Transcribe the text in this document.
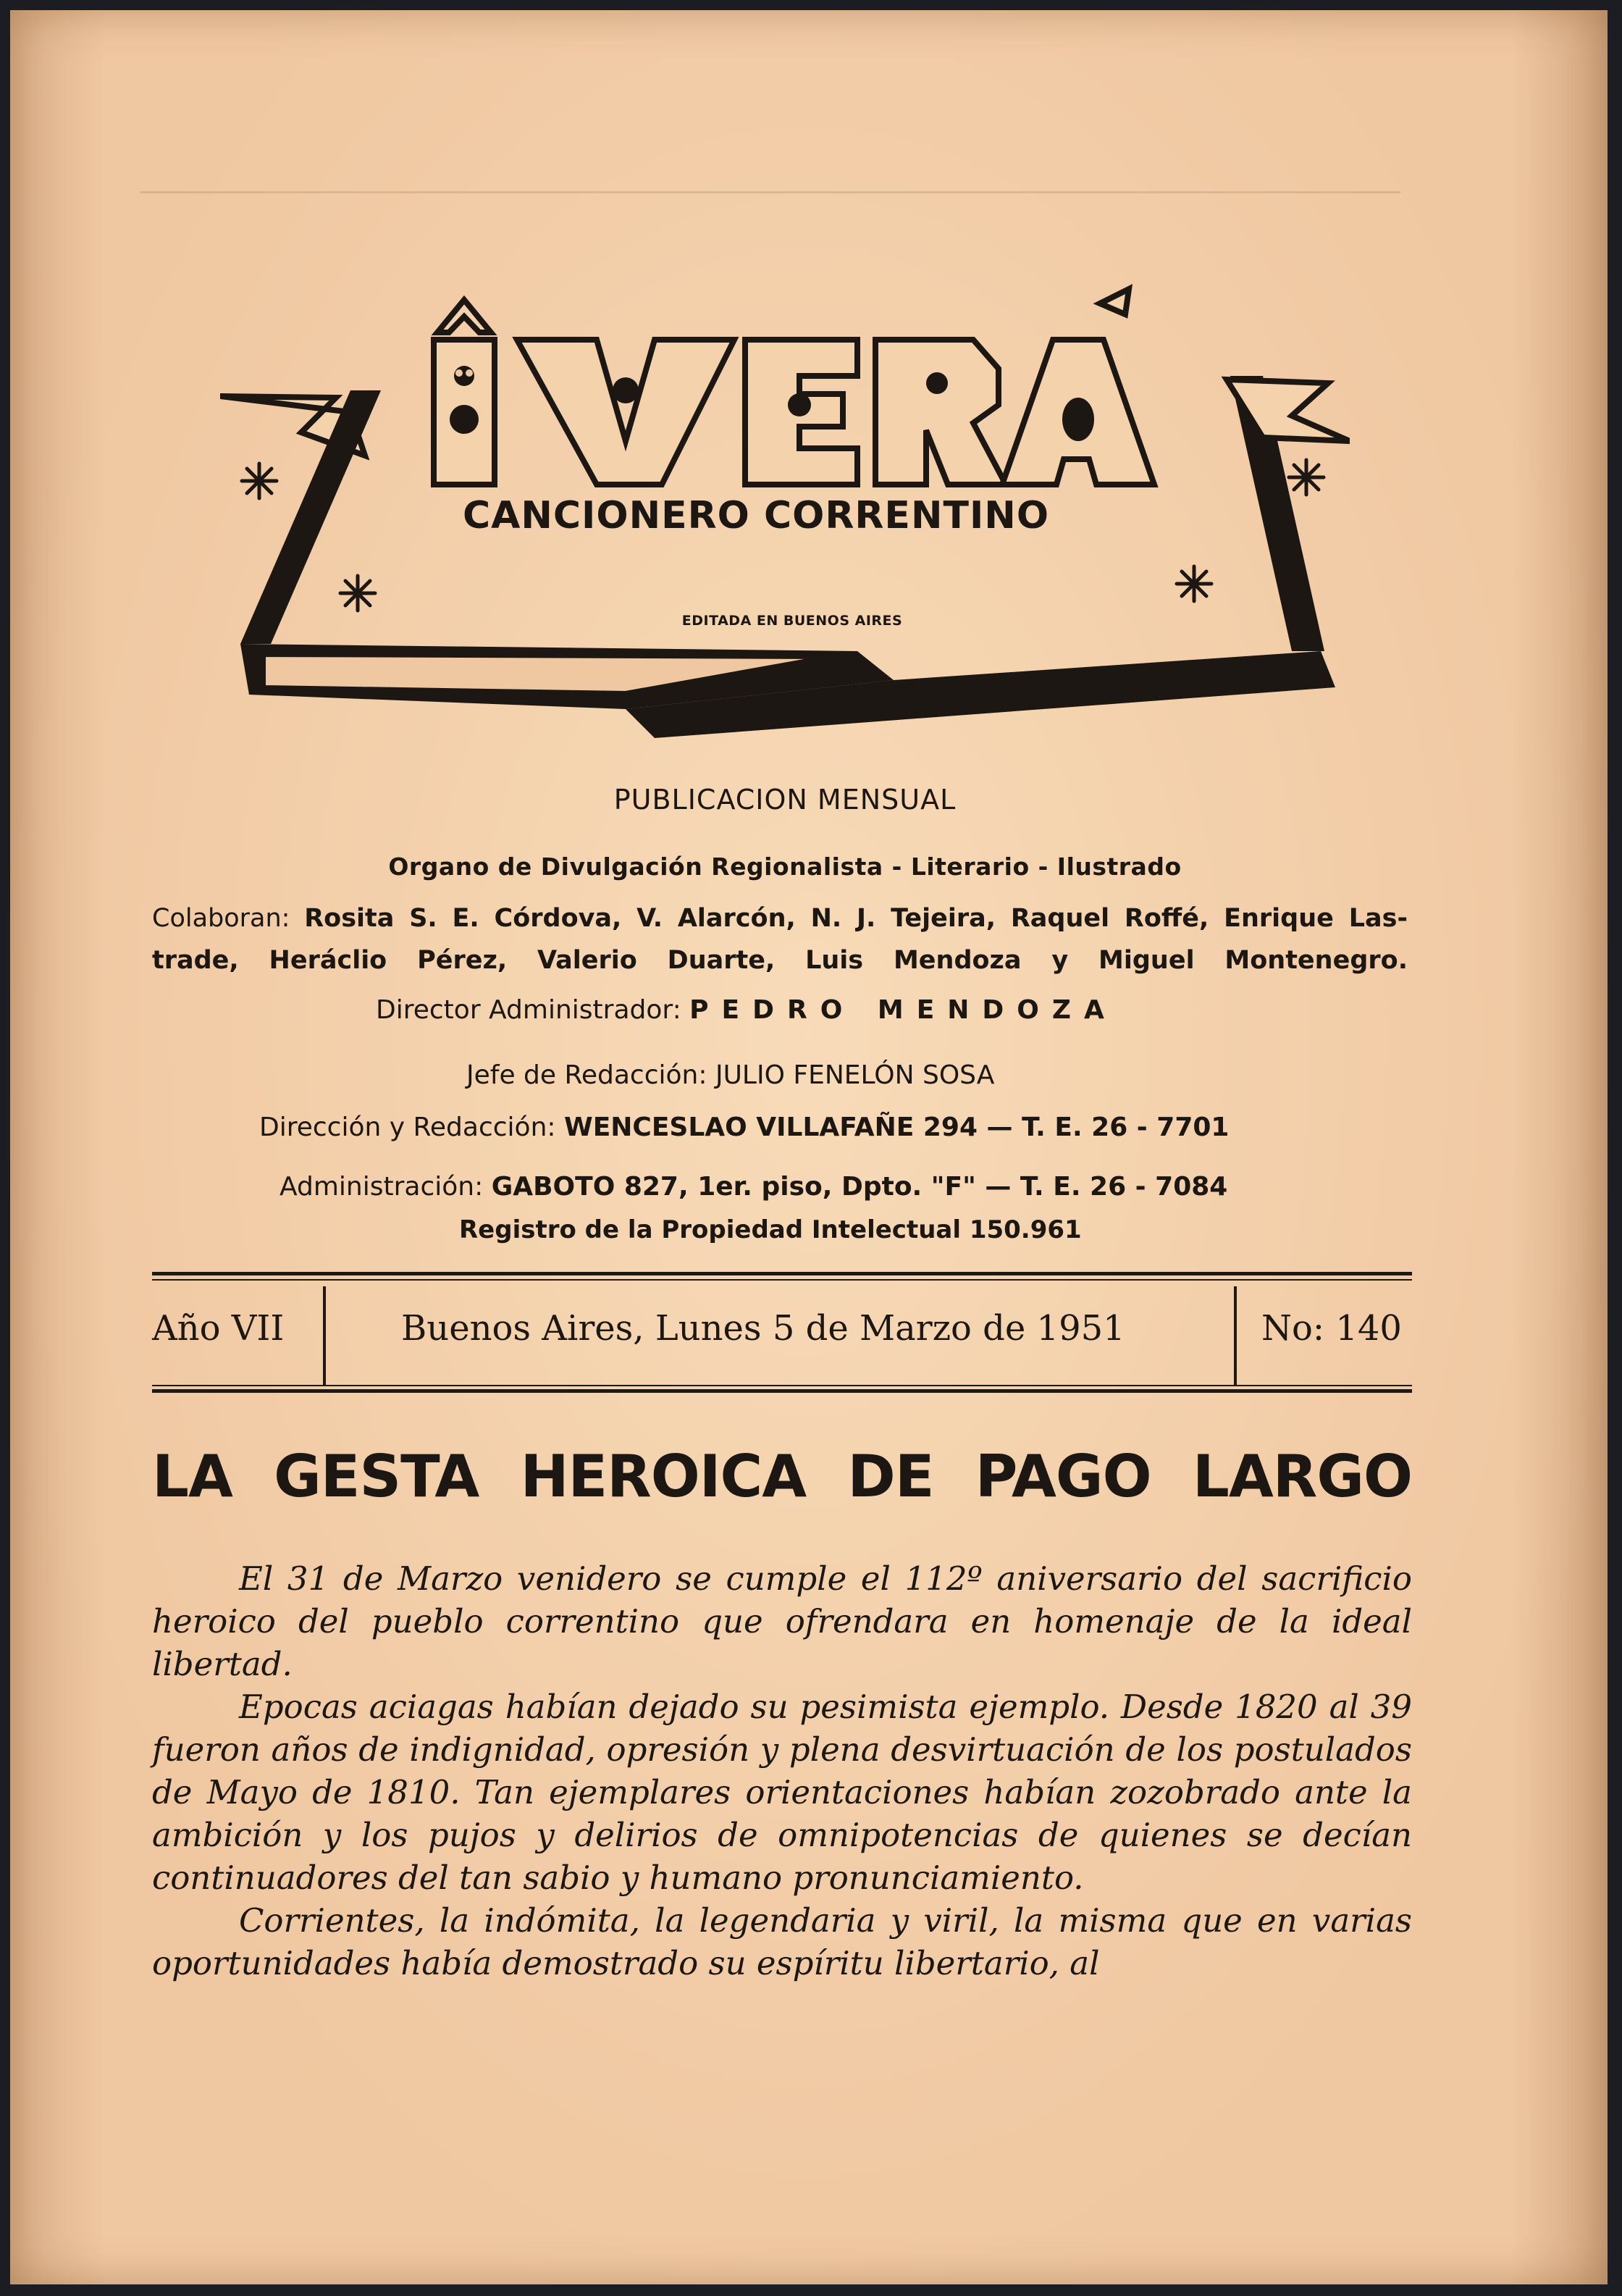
CANCIONERO CORRENTINO
EDITADA EN BUENOS AIRES
PUBLICACION MENSUAL
Organo de Divulgación Regionalista - Literario - Ilustrado
Colaboran: Rosita S. E. Córdova, V. Alarcón, N. J. Tejeira, Raquel Roffé, Enrique Las-
trade, Heráclio Pérez, Valerio Duarte, Luis Mendoza y Miguel Montenegro.
Director Administrador: PEDRO MENDOZA
Jefe de Redacción: JULIO FENELÓN SOSA
Dirección y Redacción: WENCESLAO VILLAFAÑE 294 — T. E. 26 - 7701
Administración: GABOTO 827, 1er. piso, Dpto. "F" — T. E. 26 - 7084
Registro de la Propiedad Intelectual 150.961
Año VII	Buenos Aires, Lunes 5 de Marzo de 1951	No: 140
LA GESTA HEROICA DE PAGO LARGO

El 31 de Marzo venidero se cumple el 112º aniversario del sacrificio heroico del pueblo correntino que ofrendara en homenaje de la ideal libertad.

Epocas aciagas habían dejado su pesimista ejemplo. Desde 1820 al 39 fueron años de indignidad, opresión y plena desvirtuación de los postulados de Mayo de 1810. Tan ejemplares orientaciones habían zozobrado ante la ambición y los pujos y delirios de omnipotencias de quienes se decían continuadores del tan sabio y humano pronunciamiento.

Corrientes, la indómita, la legendaria y viril, la misma que en varias oportunidades había demostrado su espíritu libertario, al
